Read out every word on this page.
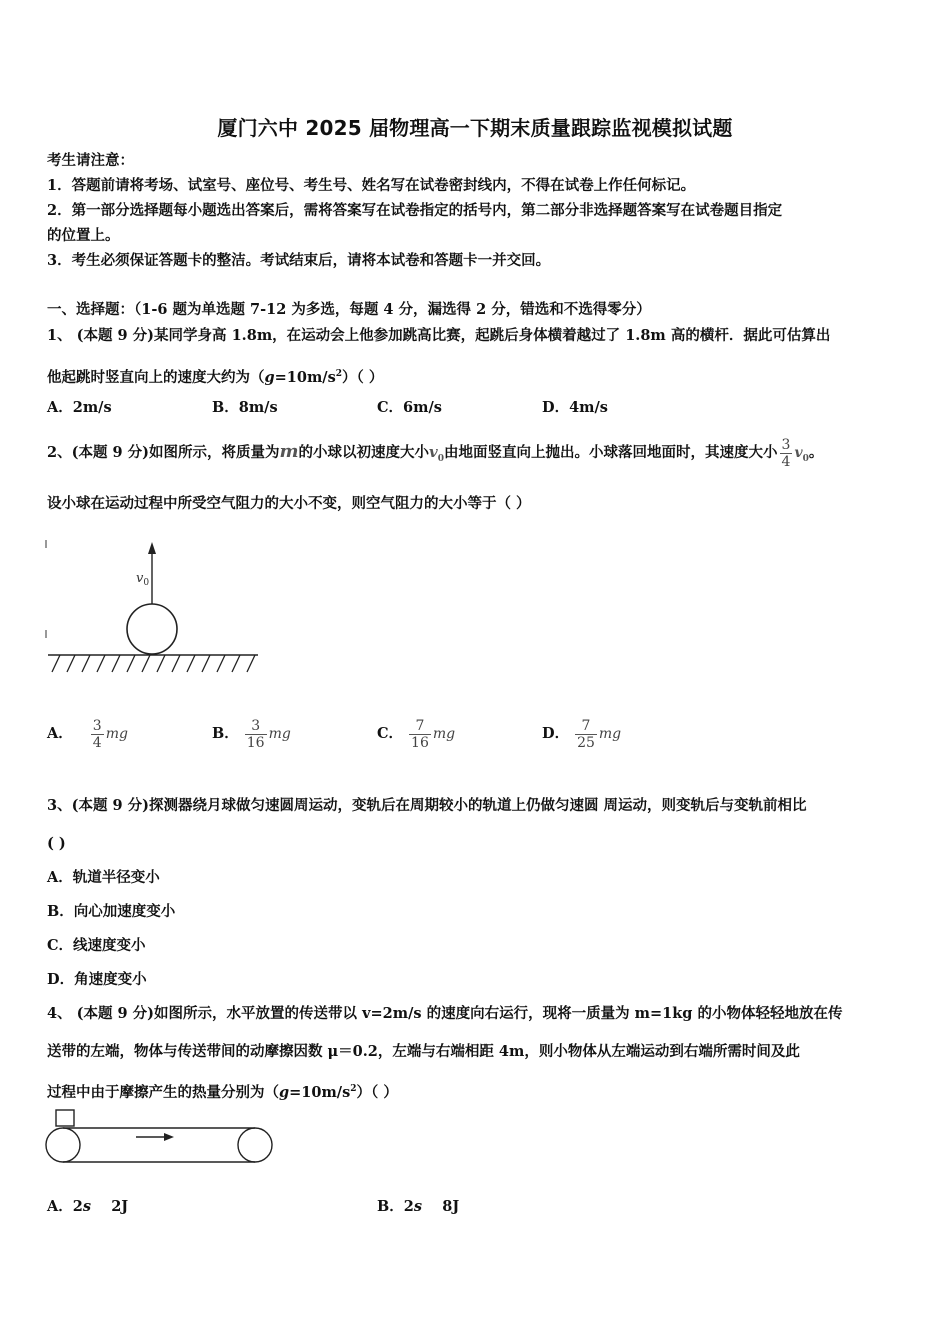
厦门六中 2025 届物理高一下期末质量跟踪监视模拟试题
考生请注意：
1．答题前请将考场、试室号、座位号、考生号、姓名写在试卷密封线内，不得在试卷上作任何标记。
2．第一部分选择题每小题选出答案后，需将答案写在试卷指定的括号内，第二部分非选择题答案写在试卷题目指定
的位置上。
3．考生必须保证答题卡的整洁。考试结束后，请将本试卷和答题卡一并交回。
一、选择题：（1-6 题为单选题 7-12 为多选，每题 4 分，漏选得 2 分，错选和不选得零分）
1、 (本题 9 分)某同学身高 1.8m，在运动会上他参加跳高比赛，起跳后身体横着越过了 1.8m 高的横杆．据此可估算出
他起跳时竖直向上的速度大约为$(g=10m/s^2)$（ ）
A．2m/s	B．8m/s	C．6m/s	D．4m/s
2、(本题 9 分)如图所示，将质量为m的小球以初速度大小$v_0$由地面竖直向上抛出。小球落回地面时，其速度大小 $\frac{3}{4} v_0$。
设小球在运动过程中所受空气阻力的大小不变，则空气阻力的大小等于（ ）
$v_0$
A． $\frac{3}{4}$ mg	B． $\frac{3}{16}$ mg	C． $\frac{7}{16}$ mg	D． $\frac{7}{25}$ mg
3、(本题 9 分)探测器绕月球做匀速圆周运动，变轨后在周期较小的轨道上仍做匀速圆 周运动，则变轨后与变轨前相比
( )
A．轨道半径变小
B．向心加速度变小
C．线速度变小
D．角速度变小
4、 (本题 9 分)如图所示，水平放置的传送带以 v=2m/s 的速度向右运行，现将一质量为 m=1kg 的小物体轻轻地放在传
送带的左端，物体与传送带间的动摩擦因数 μ＝0.2，左端与右端相距 4m，则小物体从左端运动到右端所需时间及此
过程中由于摩擦产生的热量分别为$(g=10m/s^2)$（ ）
A．2s    2J	B．2s    8J
